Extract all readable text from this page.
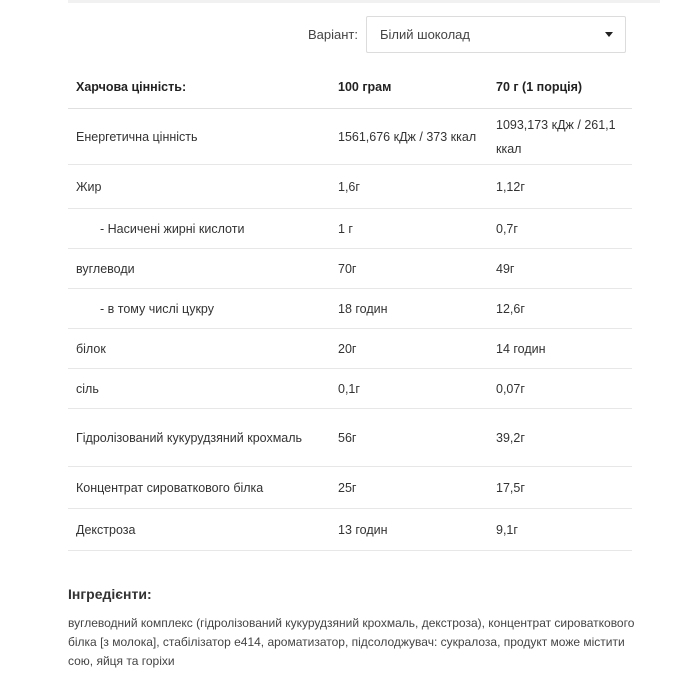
Варіант: Білий шоколад
Харчова цінність:	100 грам	70 г (1 порція)
Енергетична цінність	1561,676 кДж / 373 ккал	1093,173 кДж / 261,1 ккал
Жир	1,6г	1,12г
- Насичені жирні кислоти	1 г	0,7г
вуглеводи	70г	49г
- в тому числі цукру	18 годин	12,6г
білок	20г	14 годин
сіль	0,1г	0,07г
Гідролізований кукурудзяний крохмаль	56г	39,2г
Концентрат сироваткового білка	25г	17,5г
Декстроза	13 годин	9,1г
Інгредієнти:

вуглеводний комплекс (гідролізований кукурудзяний крохмаль, декстроза), концентрат сироваткового білка [з молока], стабілізатор е414, ароматизатор, підсолоджувач: сукралоза, продукт може містити сою, яйця та горіхи
